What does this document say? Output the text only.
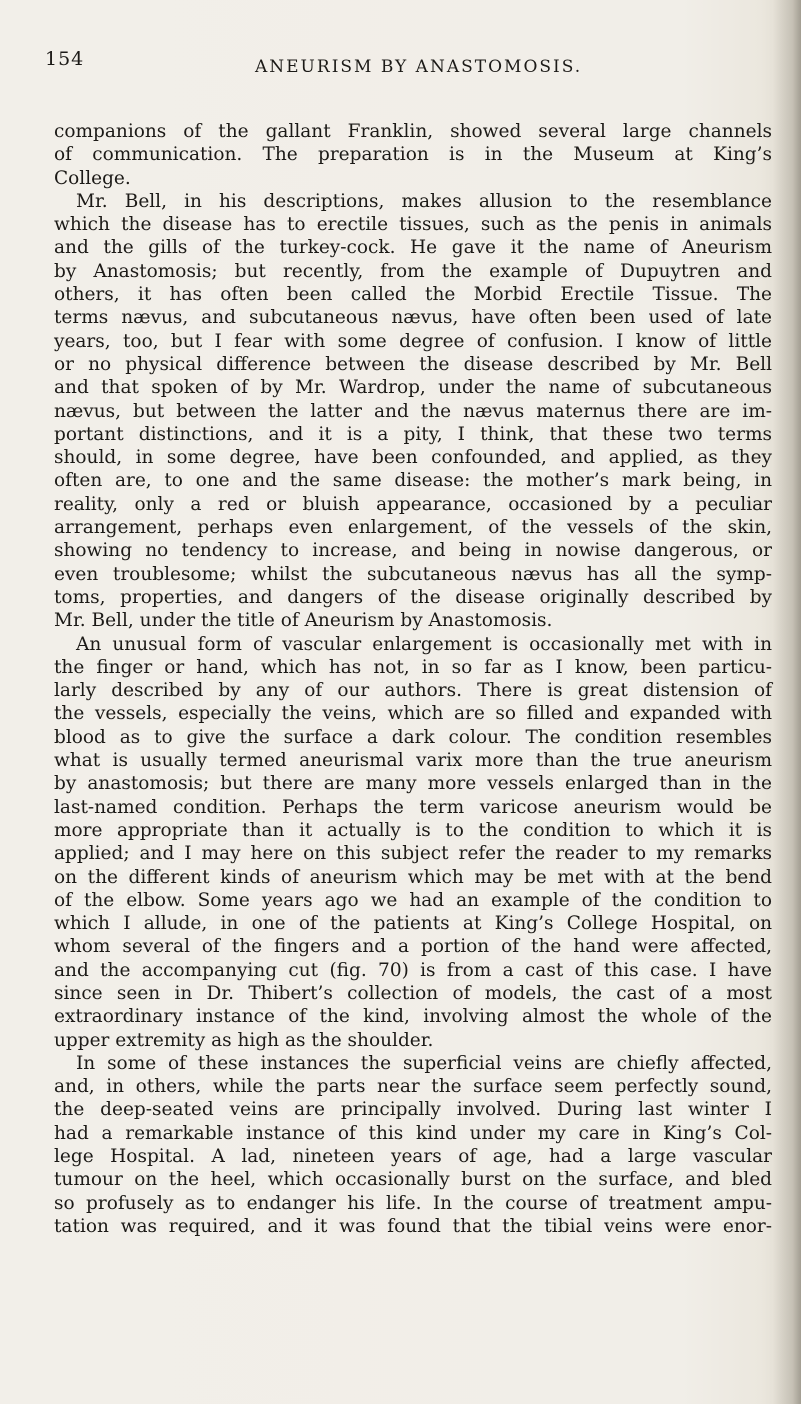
154	ANEURISM BY ANASTOMOSIS.
companions of the gallant Franklin, showed several large channels
of communication. The preparation is in the Museum at King’s
College.
Mr. Bell, in his descriptions, makes allusion to the resemblance
which the disease has to erectile tissues, such as the penis in animals
and the gills of the turkey-cock. He gave it the name of Aneurism
by Anastomosis; but recently, from the example of Dupuytren and
others, it has often been called the Morbid Erectile Tissue. The
terms nævus, and subcutaneous nævus, have often been used of late
years, too, but I fear with some degree of confusion. I know of little
or no physical difference between the disease described by Mr. Bell
and that spoken of by Mr. Wardrop, under the name of subcutaneous
nævus, but between the latter and the nævus maternus there are im-
portant distinctions, and it is a pity, I think, that these two terms
should, in some degree, have been confounded, and applied, as they
often are, to one and the same disease: the mother’s mark being, in
reality, only a red or bluish appearance, occasioned by a peculiar
arrangement, perhaps even enlargement, of the vessels of the skin,
showing no tendency to increase, and being in nowise dangerous, or
even troublesome; whilst the subcutaneous nævus has all the symp-
toms, properties, and dangers of the disease originally described by
Mr. Bell, under the title of Aneurism by Anastomosis.
An unusual form of vascular enlargement is occasionally met with in
the finger or hand, which has not, in so far as I know, been particu-
larly described by any of our authors. There is great distension of
the vessels, especially the veins, which are so filled and expanded with
blood as to give the surface a dark colour. The condition resembles
what is usually termed aneurismal varix more than the true aneurism
by anastomosis; but there are many more vessels enlarged than in the
last-named condition. Perhaps the term varicose aneurism would be
more appropriate than it actually is to the condition to which it is
applied; and I may here on this subject refer the reader to my remarks
on the different kinds of aneurism which may be met with at the bend
of the elbow. Some years ago we had an example of the condition to
which I allude, in one of the patients at King’s College Hospital, on
whom several of the fingers and a portion of the hand were affected,
and the accompanying cut (fig. 70) is from a cast of this case. I have
since seen in Dr. Thibert’s collection of models, the cast of a most
extraordinary instance of the kind, involving almost the whole of the
upper extremity as high as the shoulder.
In some of these instances the superficial veins are chiefly affected,
and, in others, while the parts near the surface seem perfectly sound,
the deep-seated veins are principally involved. During last winter I
had a remarkable instance of this kind under my care in King’s Col-
lege Hospital. A lad, nineteen years of age, had a large vascular
tumour on the heel, which occasionally burst on the surface, and bled
so profusely as to endanger his life. In the course of treatment ampu-
tation was required, and it was found that the tibial veins were enor-
